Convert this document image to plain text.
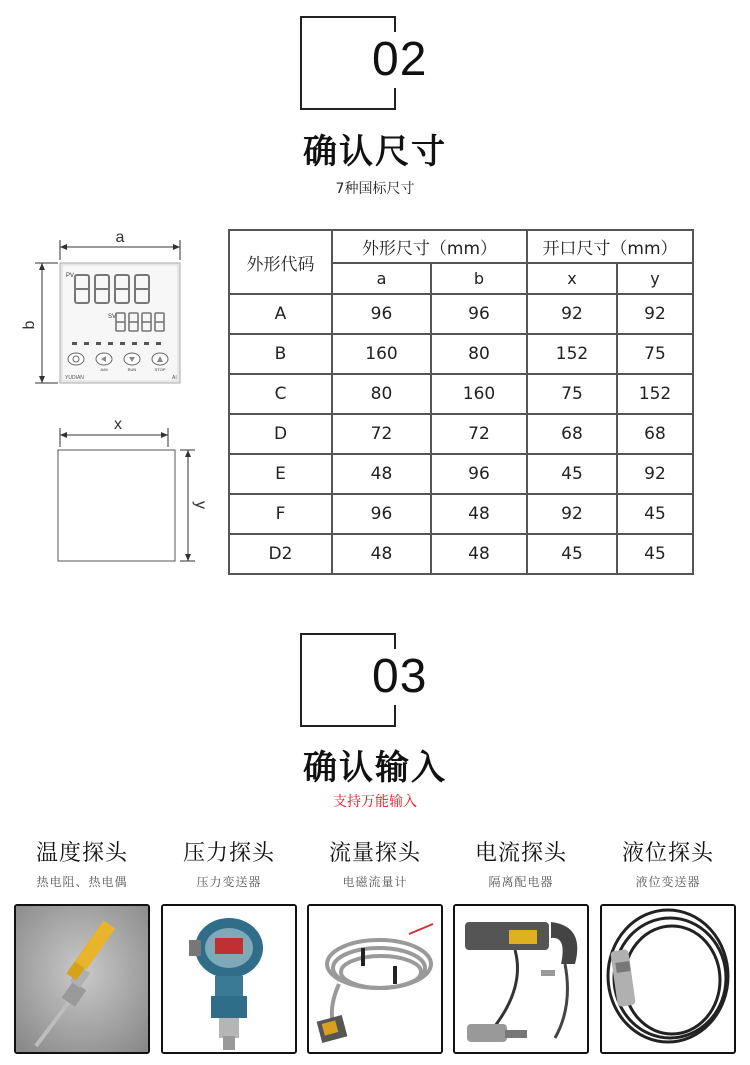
02
确认尺寸
7种国标尺寸
a
b
PV
SV
A/M	RUN	STOP
YUDIAN	AI
x
y
外形代码	外形尺寸（mm）		开口尺寸（mm）	
	a	b	x	y
A	96	96	92	92
B	160	80	152	75
C	80	160	75	152
D	72	72	68	68
E	48	96	45	92
F	96	48	92	45
D2	48	48	45	45
03
确认输入
支持万能输入
温度探头
热电阻、热电偶
压力探头
压力变送器
流量探头
电磁流量计
电流探头
隔离配电器
液位探头
液位变送器
